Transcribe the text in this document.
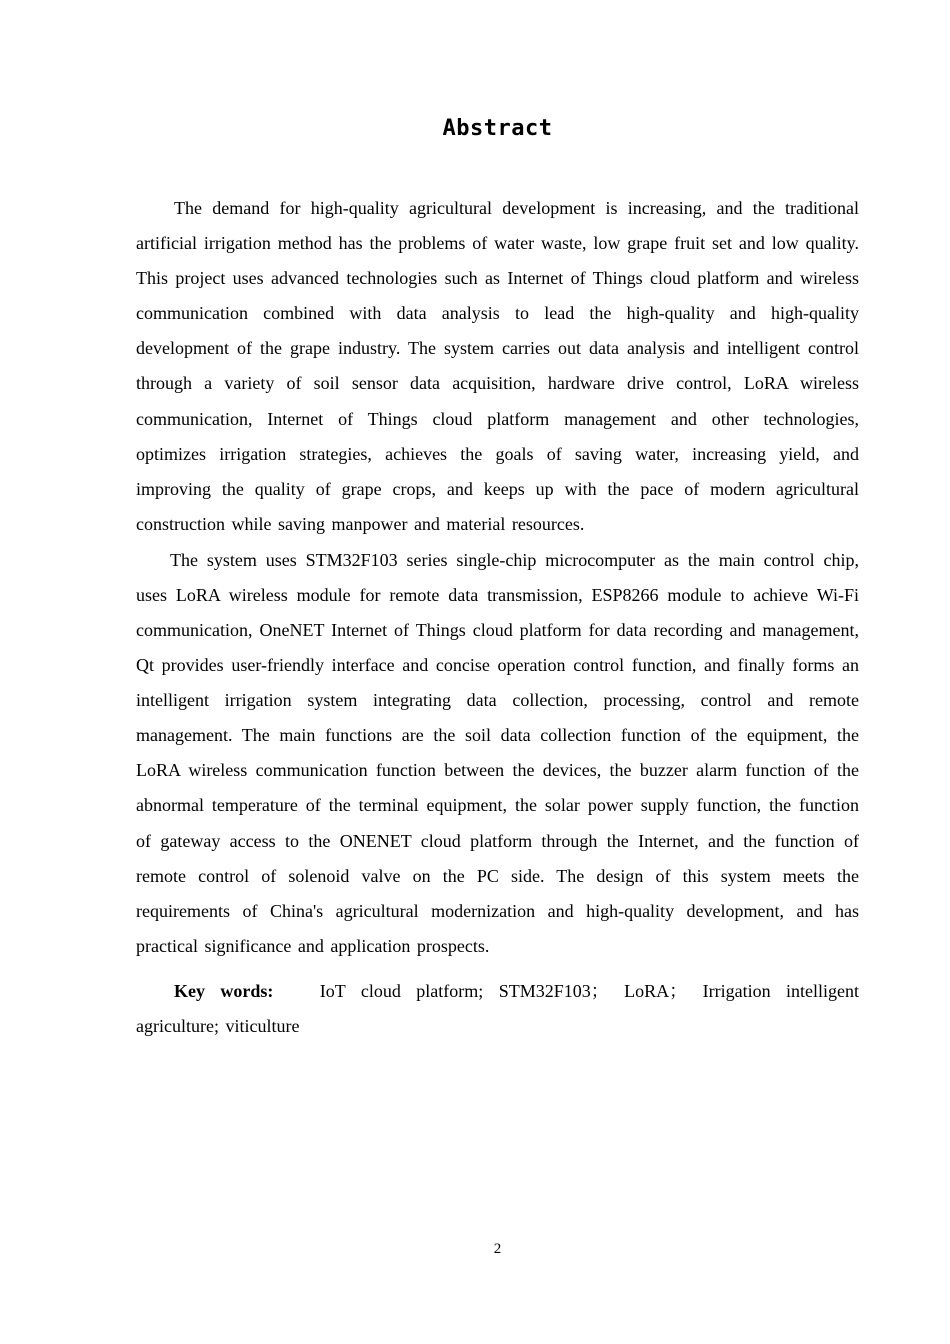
Abstract

The demand for high-quality agricultural development is increasing, and the traditional artificial irrigation method has the problems of water waste, low grape fruit set and low quality. This project uses advanced technologies such as Internet of Things cloud platform and wireless communication combined with data analysis to lead the high-quality and high-quality development of the grape industry. The system carries out data analysis and intelligent control through a variety of soil sensor data acquisition, hardware drive control, LoRA wireless communication, Internet of Things cloud platform management and other technologies, optimizes irrigation strategies, achieves the goals of saving water, increasing yield, and improving the quality of grape crops, and keeps up with the pace of modern agricultural construction while saving manpower and material resources.

The system uses STM32F103 series single-chip microcomputer as the main control chip, uses LoRA wireless module for remote data transmission, ESP8266 module to achieve Wi-Fi communication, OneNET Internet of Things cloud platform for data recording and management, Qt provides user-friendly interface and concise operation control function, and finally forms an intelligent irrigation system integrating data collection, processing, control and remote management. The main functions are the soil data collection function of the equipment, the LoRA wireless communication function between the devices, the buzzer alarm function of the abnormal temperature of the terminal equipment, the solar power supply function, the function of gateway access to the ONENET cloud platform through the Internet, and the function of remote control of solenoid valve on the PC side. The design of this system meets the requirements of China's agricultural modernization and high-quality development, and has practical significance and application prospects.

Key words:	IoT cloud platform; STM32F103； LoRA； Irrigation intelligent agriculture; viticulture

2
